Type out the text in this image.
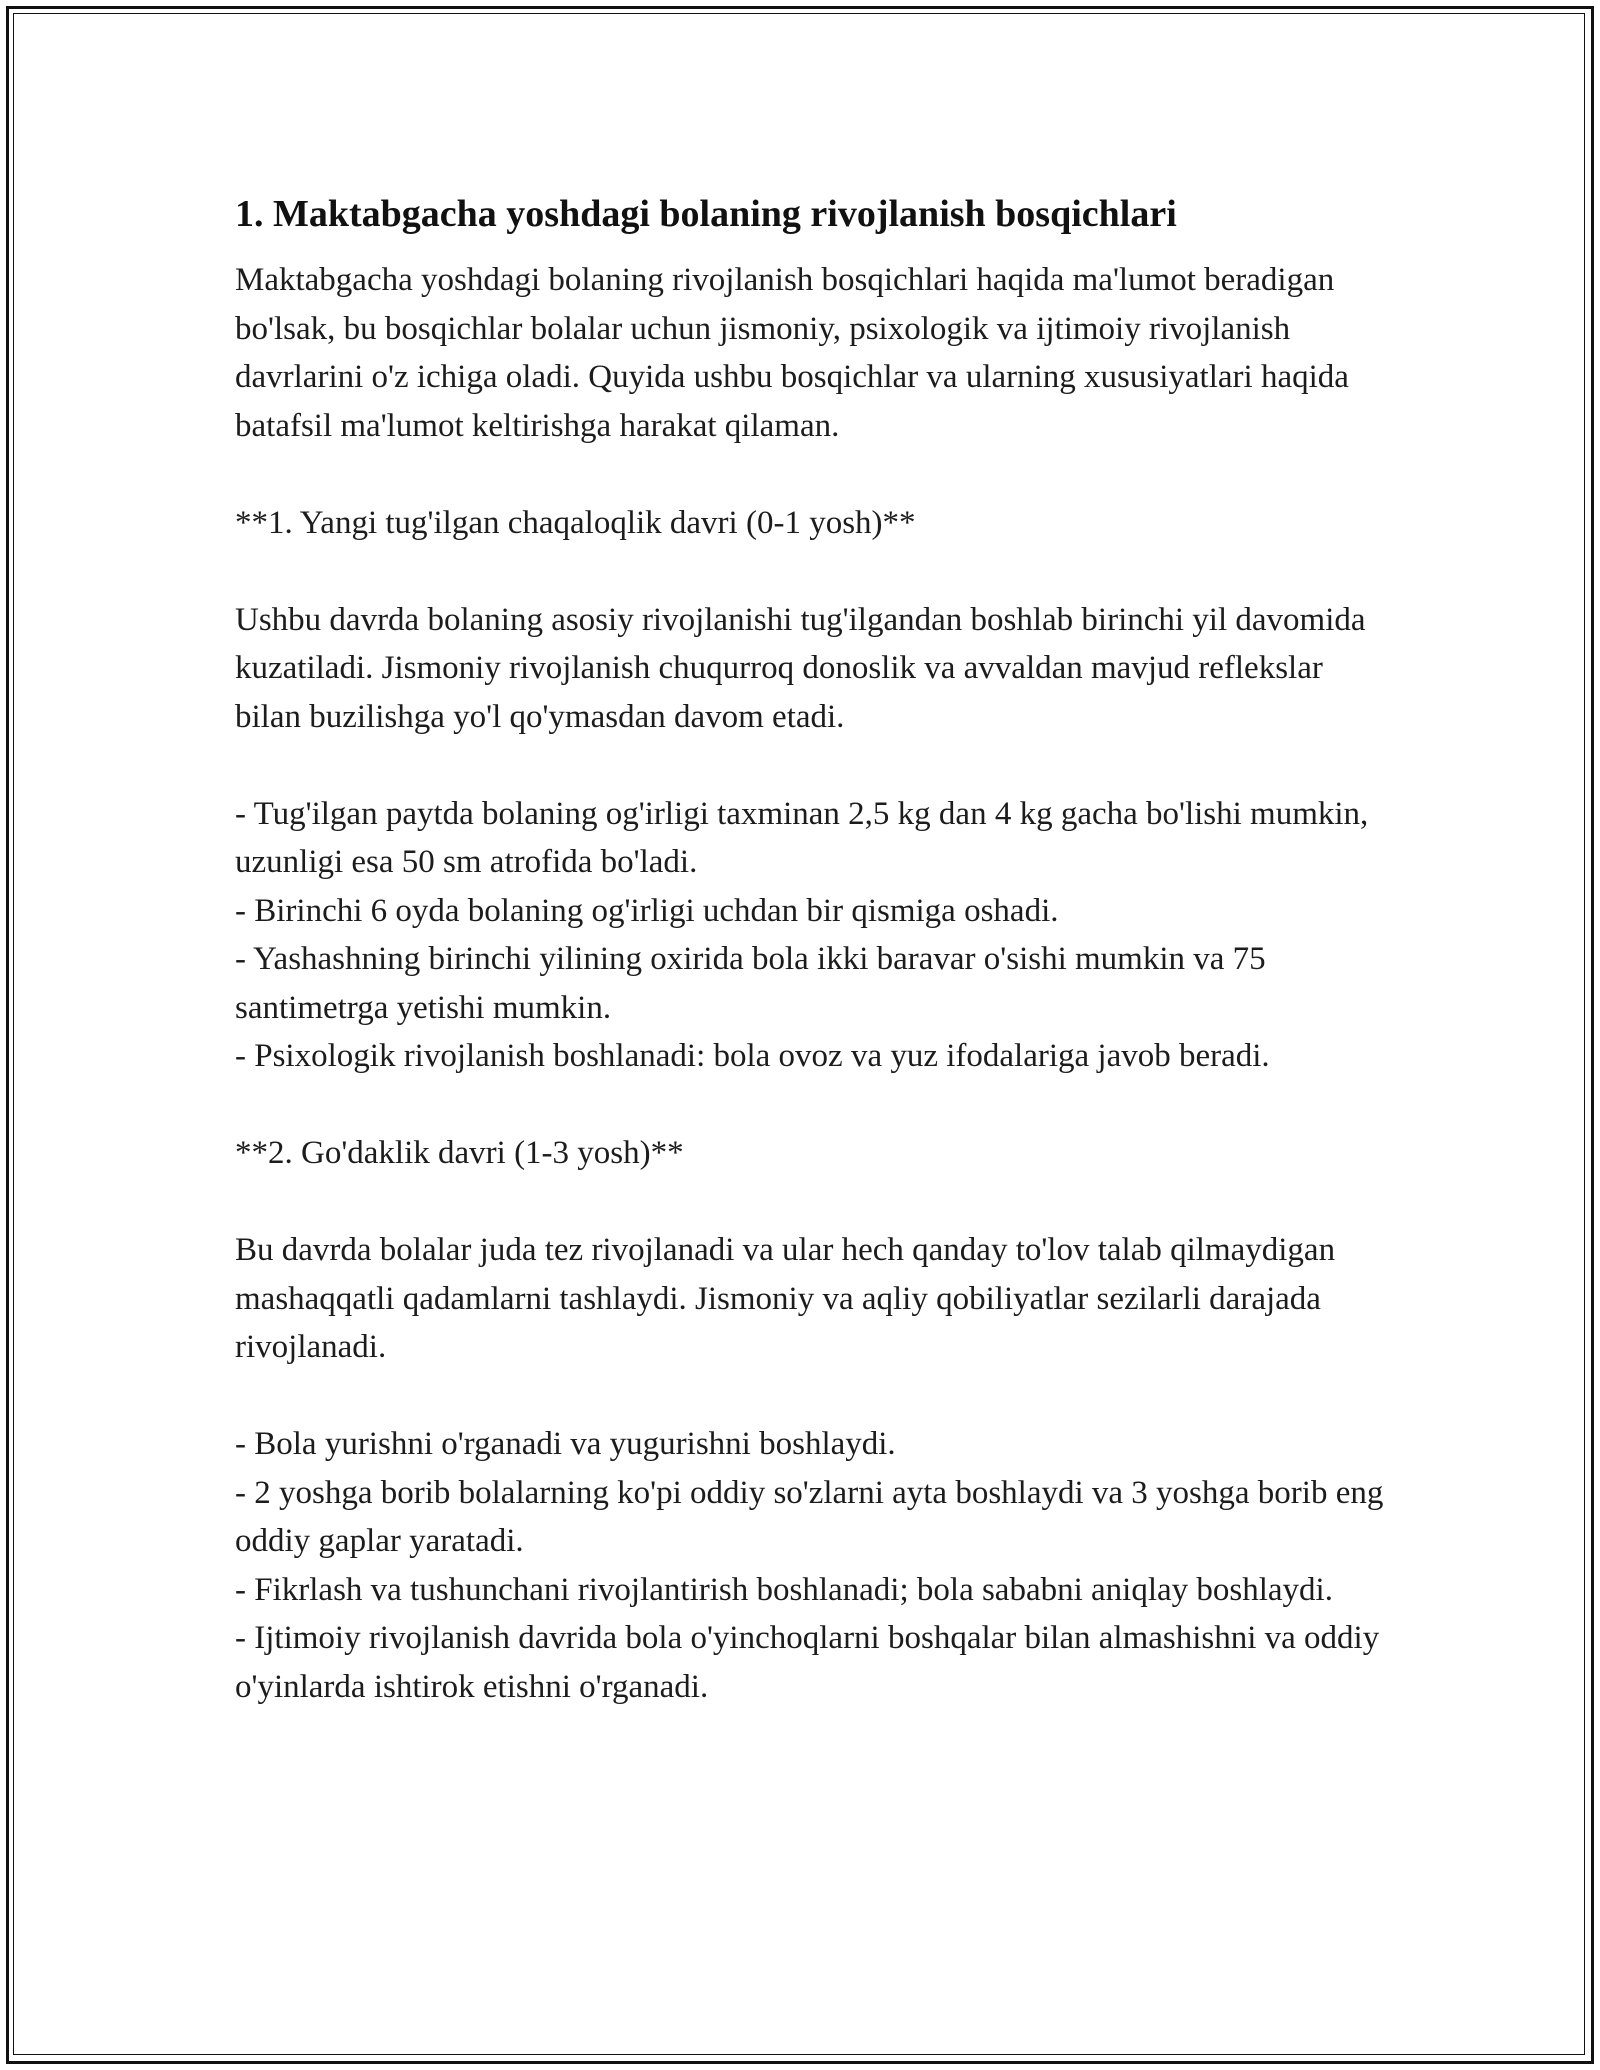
1. Maktabgacha yoshdagi bolaning rivojlanish bosqichlari

Maktabgacha yoshdagi bolaning rivojlanish bosqichlari haqida ma'lumot beradigan bo'lsak, bu bosqichlar bolalar uchun jismoniy, psixologik va ijtimoiy rivojlanish davrlarini o'z ichiga oladi. Quyida ushbu bosqichlar va ularning xususiyatlari haqida batafsil ma'lumot keltirishga harakat qilaman.

**1. Yangi tug'ilgan chaqaloqlik davri (0-1 yosh)**

Ushbu davrda bolaning asosiy rivojlanishi tug'ilgandan boshlab birinchi yil davomida kuzatiladi. Jismoniy rivojlanish chuqurroq donoslik va avvaldan mavjud reflekslar bilan buzilishga yo'l qo'ymasdan davom etadi.

- Tug'ilgan paytda bolaning og'irligi taxminan 2,5 kg dan 4 kg gacha bo'lishi mumkin, uzunligi esa 50 sm atrofida bo'ladi.

- Birinchi 6 oyda bolaning og'irligi uchdan bir qismiga oshadi.

- Yashashning birinchi yilining oxirida bola ikki baravar o'sishi mumkin va 75 santimetrga yetishi mumkin.

- Psixologik rivojlanish boshlanadi: bola ovoz va yuz ifodalariga javob beradi.

**2. Go'daklik davri (1-3 yosh)**

Bu davrda bolalar juda tez rivojlanadi va ular hech qanday to'lov talab qilmaydigan mashaqqatli qadamlarni tashlaydi. Jismoniy va aqliy qobiliyatlar sezilarli darajada rivojlanadi.

- Bola yurishni o'rganadi va yugurishni boshlaydi.

- 2 yoshga borib bolalarning ko'pi oddiy so'zlarni ayta boshlaydi va 3 yoshga borib eng oddiy gaplar yaratadi.

- Fikrlash va tushunchani rivojlantirish boshlanadi; bola sababni aniqlay boshlaydi.

- Ijtimoiy rivojlanish davrida bola o'yinchoqlarni boshqalar bilan almashishni va oddiy o'yinlarda ishtirok etishni o'rganadi.
